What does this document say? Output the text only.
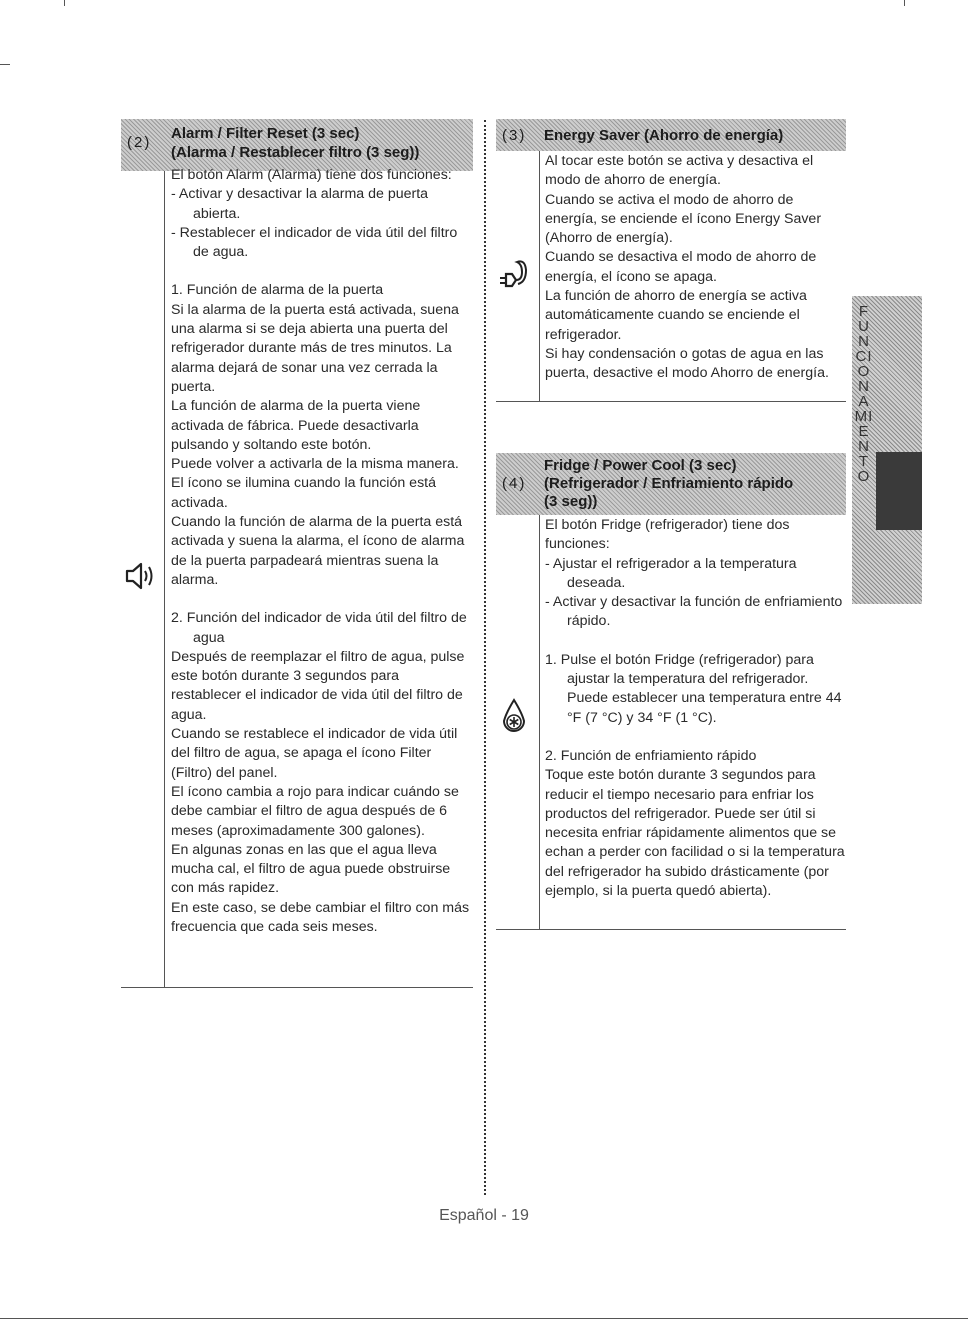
(2)
Alarm / Filter Reset (3 sec)
(Alarma / Restablecer filtro (3 seg))

El botón Alarm (Alarma) tiene dos funciones:

- Activar y desactivar la alarma de puerta abierta.

- Restablecer el indicador de vida útil del filtro de agua.

1. Función de alarma de la puerta

Si la alarma de la puerta está activada, suena una alarma si se deja abierta una puerta del refrigerador durante más de tres minutos. La alarma dejará de sonar una vez cerrada la puerta.

La función de alarma de la puerta viene activada de fábrica. Puede desactivarla pulsando y soltando este botón.

Puede volver a activarla de la misma manera. El ícono se ilumina cuando la función está activada.

Cuando la función de alarma de la puerta está activada y suena la alarma, el ícono de alarma de la puerta parpadeará mientras suena la alarma.

2. Función del indicador de vida útil del filtro de agua

Después de reemplazar el filtro de agua, pulse este botón durante 3 segundos para restablecer el indicador de vida útil del filtro de agua.

Cuando se restablece el indicador de vida útil del filtro de agua, se apaga el ícono Filter (Filtro) del panel.

El ícono cambia a rojo para indicar cuándo se debe cambiar el filtro de agua después de 6 meses (aproximadamente 300 galones).

En algunas zonas en las que el agua lleva mucha cal, el filtro de agua puede obstruirse con más rapidez.

En este caso, se debe cambiar el filtro con más frecuencia que cada seis meses.

(3) Energy Saver (Ahorro de energía)

Al tocar este botón se activa y desactiva el modo de ahorro de energía.

Cuando se activa el modo de ahorro de energía, se enciende el ícono Energy Saver (Ahorro de energía).

Cuando se desactiva el modo de ahorro de energía, el ícono se apaga.

La función de ahorro de energía se activa automáticamente cuando se enciende el refrigerador.

Si hay condensación o gotas de agua en las puerta, desactive el modo Ahorro de energía.

(4)
Fridge / Power Cool (3 sec)
(Refrigerador / Enfriamiento rápido
(3 seg))

El botón Fridge (refrigerador) tiene dos funciones:

- Ajustar el refrigerador a la temperatura deseada.

- Activar y desactivar la función de enfriamiento rápido.

1. Pulse el botón Fridge (refrigerador) para ajustar la temperatura del refrigerador. Puede establecer una temperatura entre 44 °F (7 °C) y 34 °F (1 °C).

2. Función de enfriamiento rápido

Toque este botón durante 3 segundos para reducir el tiempo necesario para enfriar los productos del refrigerador. Puede ser útil si necesita enfriar rápidamente alimentos que se echan a perder con facilidad o si la temperatura del refrigerador ha subido drásticamente (por ejemplo, si la puerta quedó abierta).

FUNCIONAMIENTO
Español - 19
